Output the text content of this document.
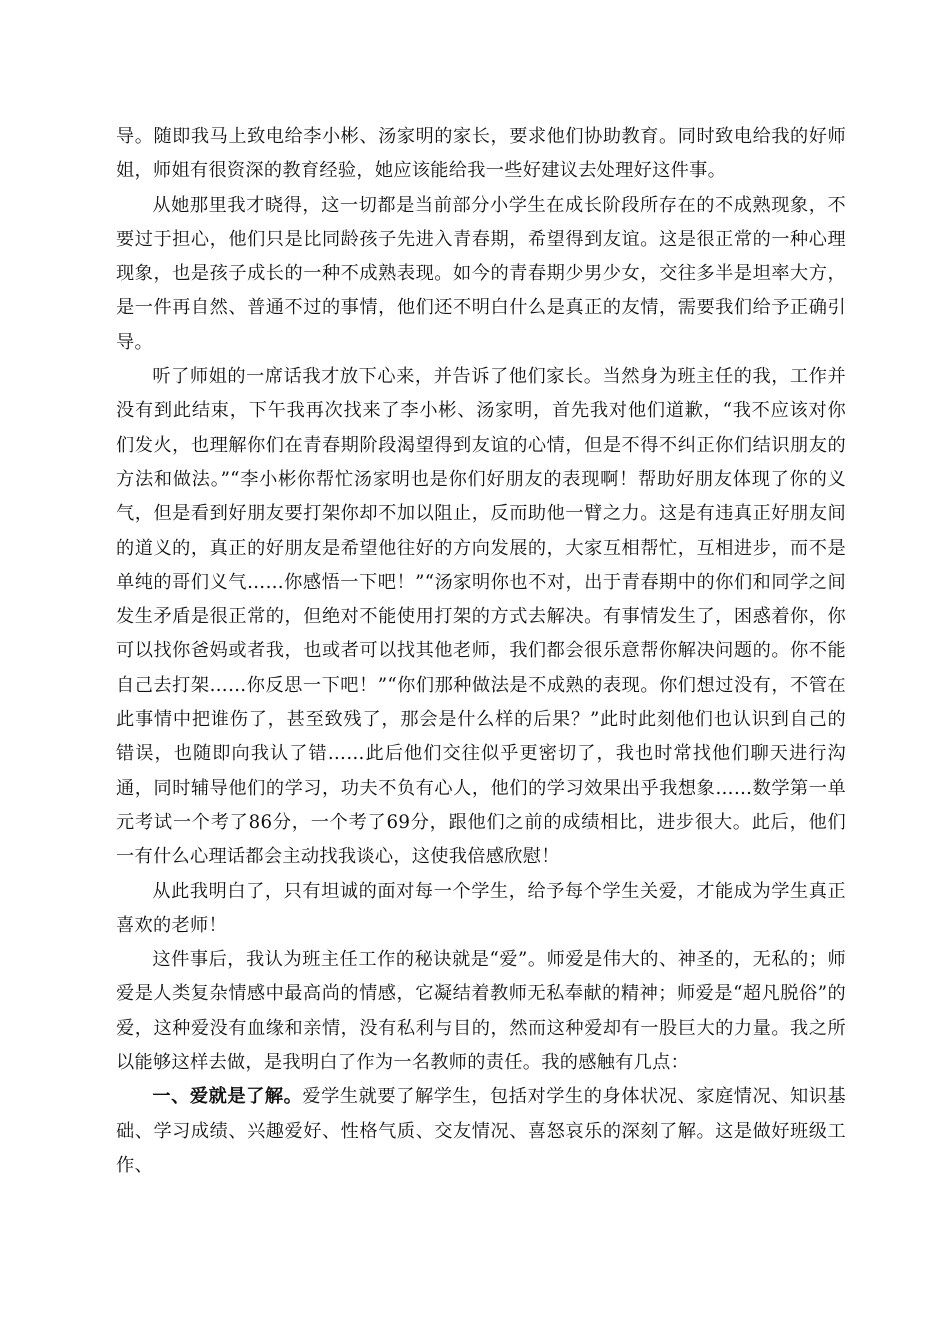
导。随即我马上致电给李小彬、汤家明的家长，要求他们协助教育。同时致电给我的好师姐，师姐有很资深的教育经验，她应该能给我一些好建议去处理好这件事。

从她那里我才晓得，这一切都是当前部分小学生在成长阶段所存在的不成熟现象，不要过于担心，他们只是比同龄孩子先进入青春期，希望得到友谊。这是很正常的一种心理现象，也是孩子成长的一种不成熟表现。如今的青春期少男少女，交往多半是坦率大方，是一件再自然、普通不过的事情，他们还不明白什么是真正的友情，需要我们给予正确引导。

听了师姐的一席话我才放下心来，并告诉了他们家长。当然身为班主任的我，工作并没有到此结束，下午我再次找来了李小彬、汤家明，首先我对他们道歉，“我不应该对你们发火，也理解你们在青春期阶段渴望得到友谊的心情，但是不得不纠正你们结识朋友的方法和做法。”“李小彬你帮忙汤家明也是你们好朋友的表现啊！帮助好朋友体现了你的义气，但是看到好朋友要打架你却不加以阻止，反而助他一臂之力。这是有违真正好朋友间的道义的，真正的好朋友是希望他往好的方向发展的，大家互相帮忙，互相进步，而不是单纯的哥们义气……你感悟一下吧！”“汤家明你也不对，出于青春期中的你们和同学之间发生矛盾是很正常的，但绝对不能使用打架的方式去解决。有事情发生了，困惑着你，你可以找你爸妈或者我，也或者可以找其他老师，我们都会很乐意帮你解决问题的。你不能自己去打架……你反思一下吧！”“你们那种做法是不成熟的表现。你们想过没有，不管在此事情中把谁伤了，甚至致残了，那会是什么样的后果？”此时此刻他们也认识到自己的错误，也随即向我认了错……此后他们交往似乎更密切了，我也时常找他们聊天进行沟通，同时辅导他们的学习，功夫不负有心人，他们的学习效果出乎我想象……数学第一单元考试一个考了86分，一个考了69分，跟他们之前的成绩相比，进步很大。此后，他们一有什么心理话都会主动找我谈心，这使我倍感欣慰！

从此我明白了，只有坦诚的面对每一个学生，给予每个学生关爱，才能成为学生真正喜欢的老师！

这件事后，我认为班主任工作的秘诀就是“爱”。师爱是伟大的、神圣的，无私的；师爱是人类复杂情感中最高尚的情感，它凝结着教师无私奉献的精神；师爱是“超凡脱俗”的爱，这种爱没有血缘和亲情，没有私利与目的，然而这种爱却有一股巨大的力量。我之所以能够这样去做，是我明白了作为一名教师的责任。我的感触有几点：

一、爱就是了解。爱学生就要了解学生，包括对学生的身体状况、家庭情况、知识基础、学习成绩、兴趣爱好、性格气质、交友情况、喜怒哀乐的深刻了解。这是做好班级工作、
